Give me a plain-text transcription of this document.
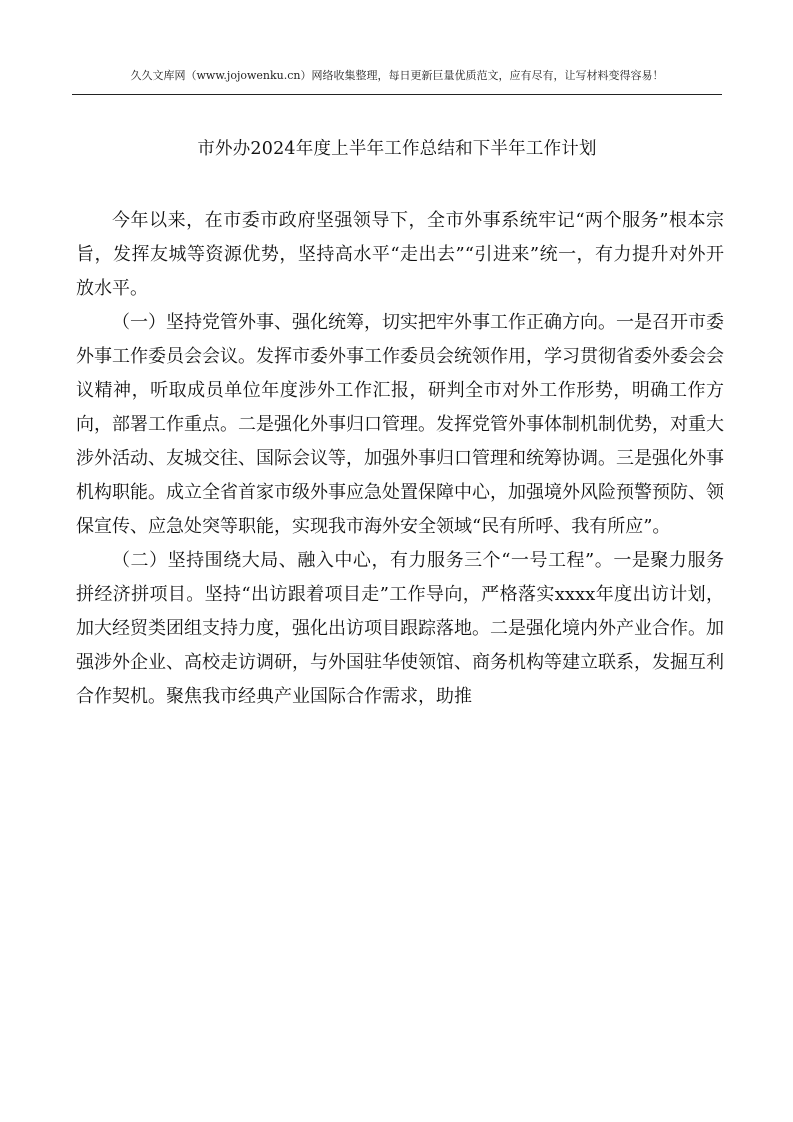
久久文库网（www.jojowenku.cn）网络收集整理，每日更新巨量优质范文，应有尽有，让写材料变得容易！
市外办2024年度上半年工作总结和下半年工作计划

今年以来，在市委市政府坚强领导下，全市外事系统牢记“两个服务”根本宗旨，发挥友城等资源优势，坚持高水平“走出去”“引进来”统一，有力提升对外开放水平。

（一）坚持党管外事、强化统筹，切实把牢外事工作正确方向。一是召开市委外事工作委员会会议。发挥市委外事工作委员会统领作用，学习贯彻省委外委会会议精神，听取成员单位年度涉外工作汇报，研判全市对外工作形势，明确工作方向，部署工作重点。二是强化外事归口管理。发挥党管外事体制机制优势，对重大涉外活动、友城交往、国际会议等，加强外事归口管理和统筹协调。三是强化外事机构职能。成立全省首家市级外事应急处置保障中心，加强境外风险预警预防、领保宣传、应急处突等职能，实现我市海外安全领域“民有所呼、我有所应”。

（二）坚持围绕大局、融入中心，有力服务三个“一号工程”。一是聚力服务拼经济拼项目。坚持“出访跟着项目走”工作导向，严格落实xxxx年度出访计划，加大经贸类团组支持力度，强化出访项目跟踪落地。二是强化境内外产业合作。加强涉外企业、高校走访调研，与外国驻华使领馆、商务机构等建立联系，发掘互利合作契机。聚焦我市经典产业国际合作需求，助推
